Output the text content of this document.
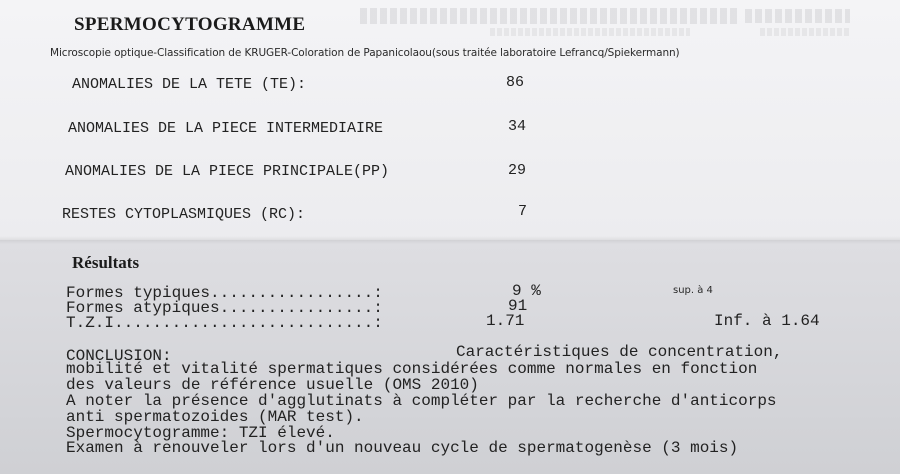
SPERMOCYTOGRAMME
Microscopie optique-Classification de KRUGER-Coloration de Papanicolaou(sous traitée laboratoire Lefrancq/Spiekermann)
ANOMALIES DE LA TETE (TE):	86
ANOMALIES DE LA PIECE INTERMEDIAIRE	34
ANOMALIES DE LA PIECE PRINCIPALE(PP)	29
RESTES CYTOPLASMIQUES (RC):	7
Résultats
Formes typiques.................:	9 %	sup. à 4
Formes atypiques................:	91
T.Z.I...........................:	1.71	Inf. à 1.64
CONCLUSION:	Caractéristiques de concentration,
mobilité et vitalité spermatiques considérées comme normales en fonction
des valeurs de référence usuelle (OMS 2010)
A noter la présence d'agglutinats à compléter par la recherche d'anticorps
anti spermatozoides (MAR test).
Spermocytogramme: TZI élevé.
Examen à renouveler lors d'un nouveau cycle de spermatogenèse (3 mois)
